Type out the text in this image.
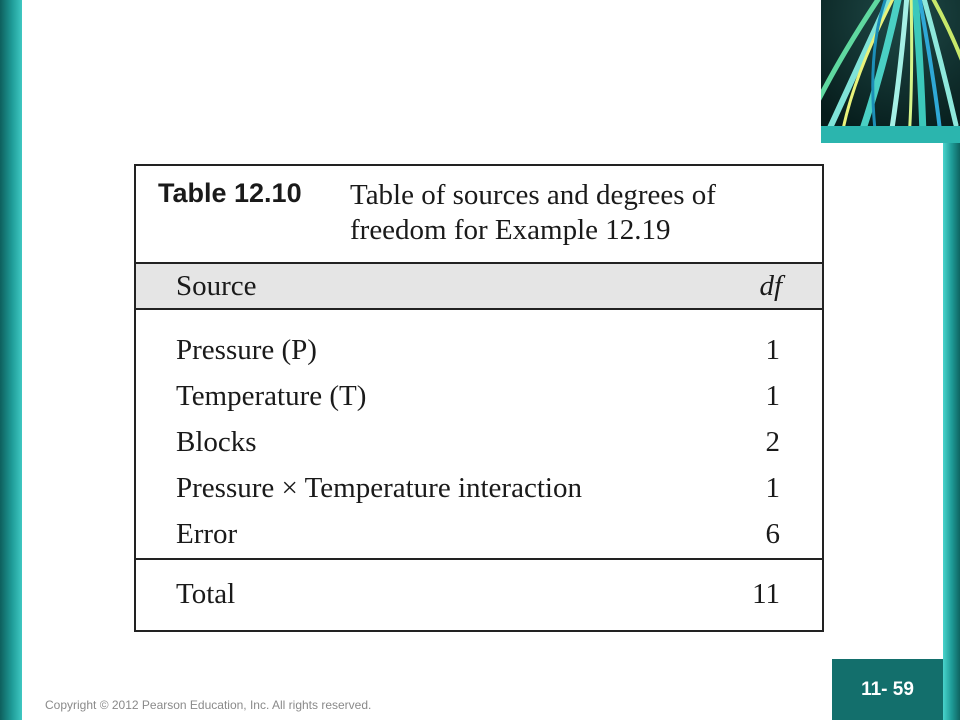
Table 12.10 Table of sources and degrees of
freedom for Example 12.19
Source	df
Pressure (P)	1
Temperature (T)	1
Blocks	2
Pressure × Temperature interaction	1
Error	6
Total	11
Copyright © 2012 Pearson Education, Inc. All rights reserved.
11- 59
